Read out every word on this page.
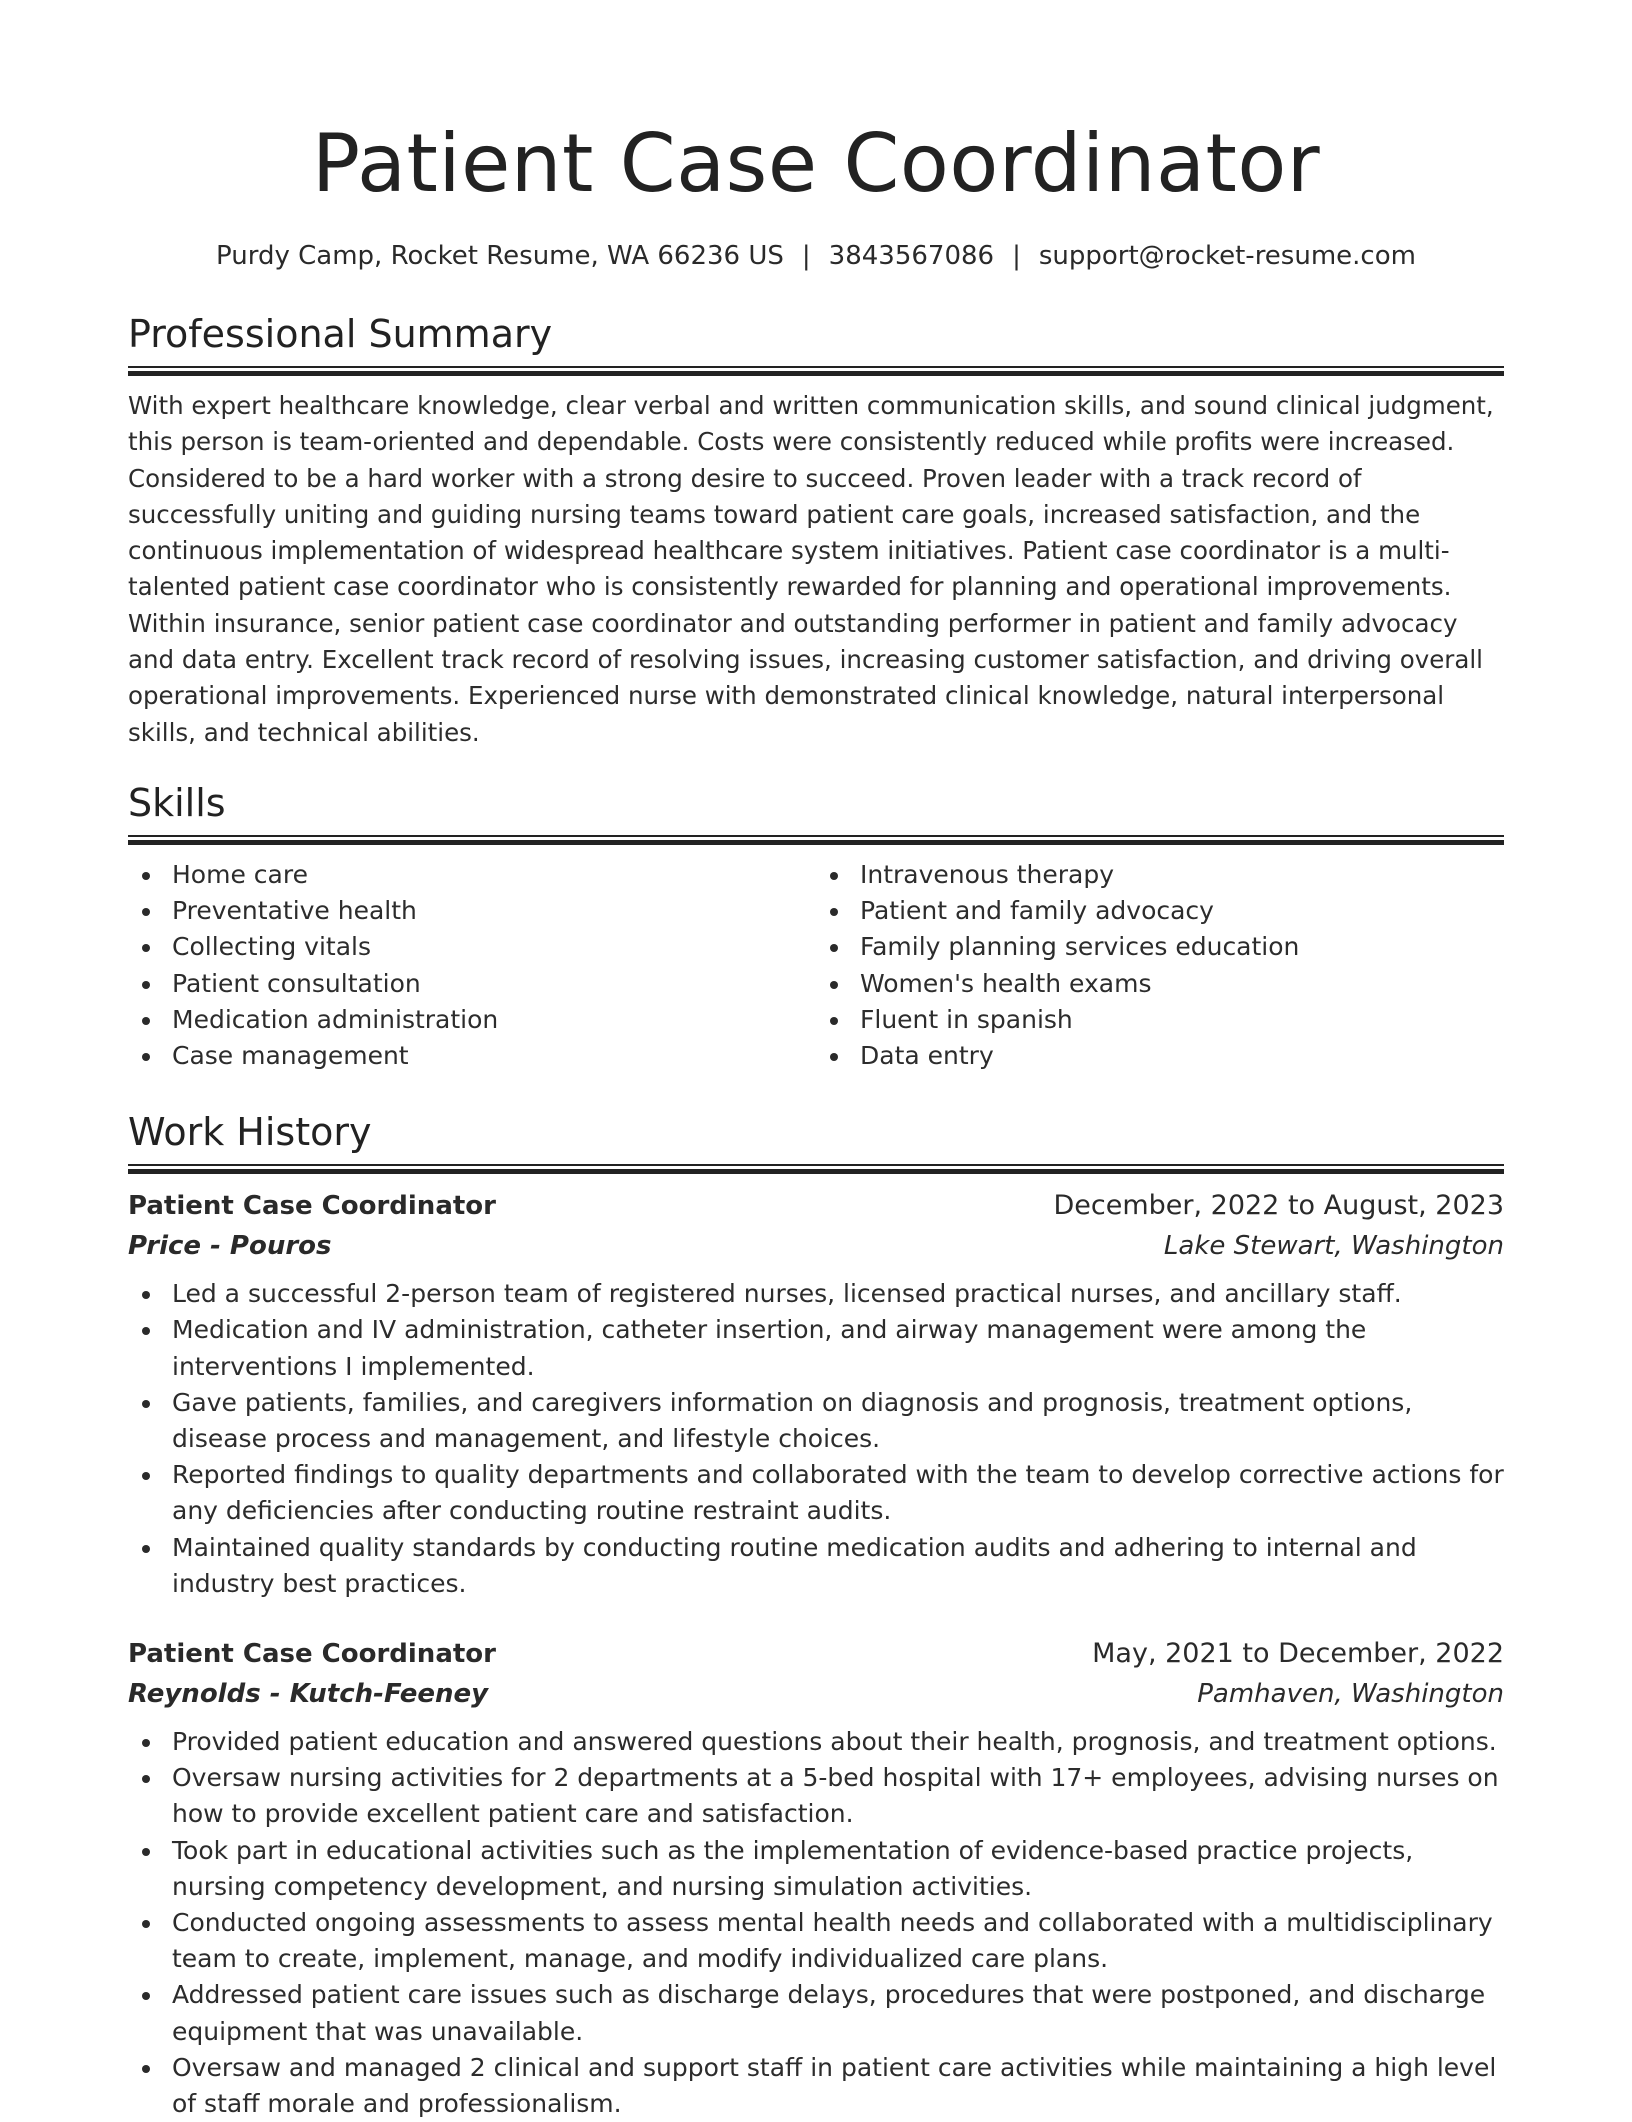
Patient Case Coordinator
Purdy Camp, Rocket Resume, WA 66236 US | 3843567086 | support@rocket-resume.com
Professional Summary

With expert healthcare knowledge, clear verbal and written communication skills, and sound clinical judgment, this person is team-oriented and dependable. Costs were consistently reduced while profits were increased. Considered to be a hard worker with a strong desire to succeed. Proven leader with a track record of successfully uniting and guiding nursing teams toward patient care goals, increased satisfaction, and the continuous implementation of widespread healthcare system initiatives. Patient case coordinator is a multi-talented patient case coordinator who is consistently rewarded for planning and operational improvements. Within insurance, senior patient case coordinator and outstanding performer in patient and family advocacy and data entry. Excellent track record of resolving issues, increasing customer satisfaction, and driving overall operational improvements. Experienced nurse with demonstrated clinical knowledge, natural interpersonal skills, and technical abilities.

Skills
Home care
Preventative health
Collecting vitals
Patient consultation
Medication administration
Case management
Intravenous therapy
Patient and family advocacy
Family planning services education
Women's health exams
Fluent in spanish
Data entry
Work History
Patient Case Coordinator	December, 2022 to August, 2023
Price - Pouros	Lake Stewart, Washington
Led a successful 2-person team of registered nurses, licensed practical nurses, and ancillary staff.
Medication and IV administration, catheter insertion, and airway management were among the interventions I implemented.
Gave patients, families, and caregivers information on diagnosis and prognosis, treatment options, disease process and management, and lifestyle choices.
Reported findings to quality departments and collaborated with the team to develop corrective actions for any deficiencies after conducting routine restraint audits.
Maintained quality standards by conducting routine medication audits and adhering to internal and industry best practices.
Patient Case Coordinator	May, 2021 to December, 2022
Reynolds - Kutch-Feeney	Pamhaven, Washington
Provided patient education and answered questions about their health, prognosis, and treatment options.
Oversaw nursing activities for 2 departments at a 5-bed hospital with 17+ employees, advising nurses on how to provide excellent patient care and satisfaction.
Took part in educational activities such as the implementation of evidence-based practice projects, nursing competency development, and nursing simulation activities.
Conducted ongoing assessments to assess mental health needs and collaborated with a multidisciplinary team to create, implement, manage, and modify individualized care plans.
Addressed patient care issues such as discharge delays, procedures that were postponed, and discharge equipment that was unavailable.
Oversaw and managed 2 clinical and support staff in patient care activities while maintaining a high level of staff morale and professionalism.
